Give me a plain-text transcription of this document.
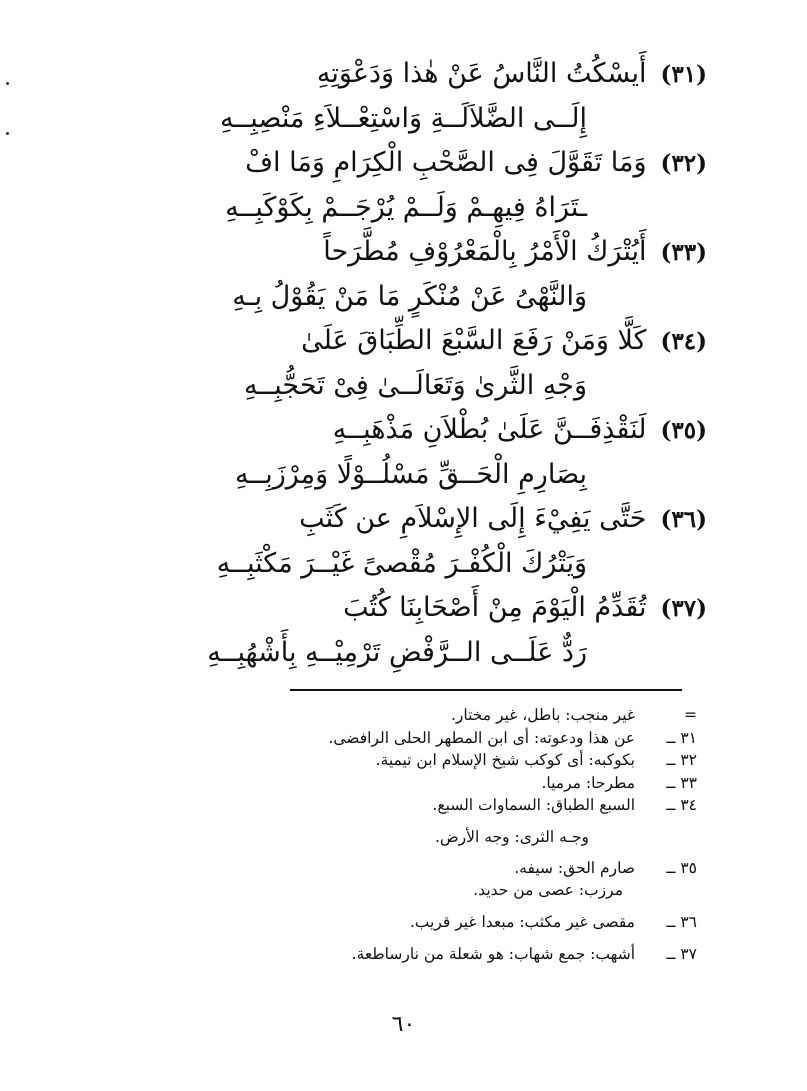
(٣١)أَيسْكُتُ النَّاسُ عَنْ هٰذا وَدَعْوَتِهِ
إِلَــى الضَّلاَلَــةِ وَاسْتِعْــلاَءِ مَنْصِبِــهِ
(٣٢)وَمَا تَقَوَّلَ فِى الصَّحْبِ الْكِرَامِ وَمَا افْ
ـتَرَاهُ فِيهِـمْ وَلَــمْ يُرْجَــمْ بِكَوْكَبِــهِ
(٣٣)أَيُتْرَكُ الْأَمْرُ بِالْمَعْرُوْفِ مُطَّرَحاً
وَالنَّهْىُ عَنْ مُنْكَرٍ مَا مَنْ يَقُوْلُ بِـهِ
(٣٤)كَلَّا وَمَنْ رَفَعَ السَّبْعَ الطِّبَاقَ عَلَىٰ
وَجْهِ الثَّرىٰ وَتَعَالَــىٰ فِىْ تَحَجُّبِــهِ
(٣٥)لَنَقْذِفَــنَّ عَلَىٰ بُطْلاَنِ مَذْهَبِــهِ
بِصَارِمِ الْحَــقِّ مَسْلُــوْلًا وَمِرْزَبِــهِ
(٣٦)حَتَّى يَفِيْءَ إِلَى الإِسْلاَمِ عن كَثَبِ
وَيَتْرُكَ الْكُفْـرَ مُقْصىً غَيْــرَ مَكْثَبِــهِ
(٣٧)تُقَدِّمُ الْيَوْمَ مِنْ أَصْحَابِنَا كُتُبَ
رَدٌّ عَلَــى الــرَّفْضِ تَرْمِيْــهِ بِأَشْهُبِــهِ
=
غير منجب: باطل، غير مختار.
٣١ ــ
عن هذا ودعوته: أى ابن المطهر الحلى الرافضى.
٣٢ ــ
بكوكبه: أى كوكب شيخ الإسلام ابن تيمية.
٣٣ ــ
مطرحا: مرميا.
٣٤ ــ
السبع الطباق: السماوات السبع.
وجـه الثرى: وجه الأرض.
٣٥ ــ
صارم الحق: سيفه.
مرزب: عصى من حديد.
٣٦ ــ
مقصى غير مكثب: مبعدا غير قريب.
٣٧ ــ
أشهب: جمع شهاب: هو شعلة من نارساطعة.
٦٠
